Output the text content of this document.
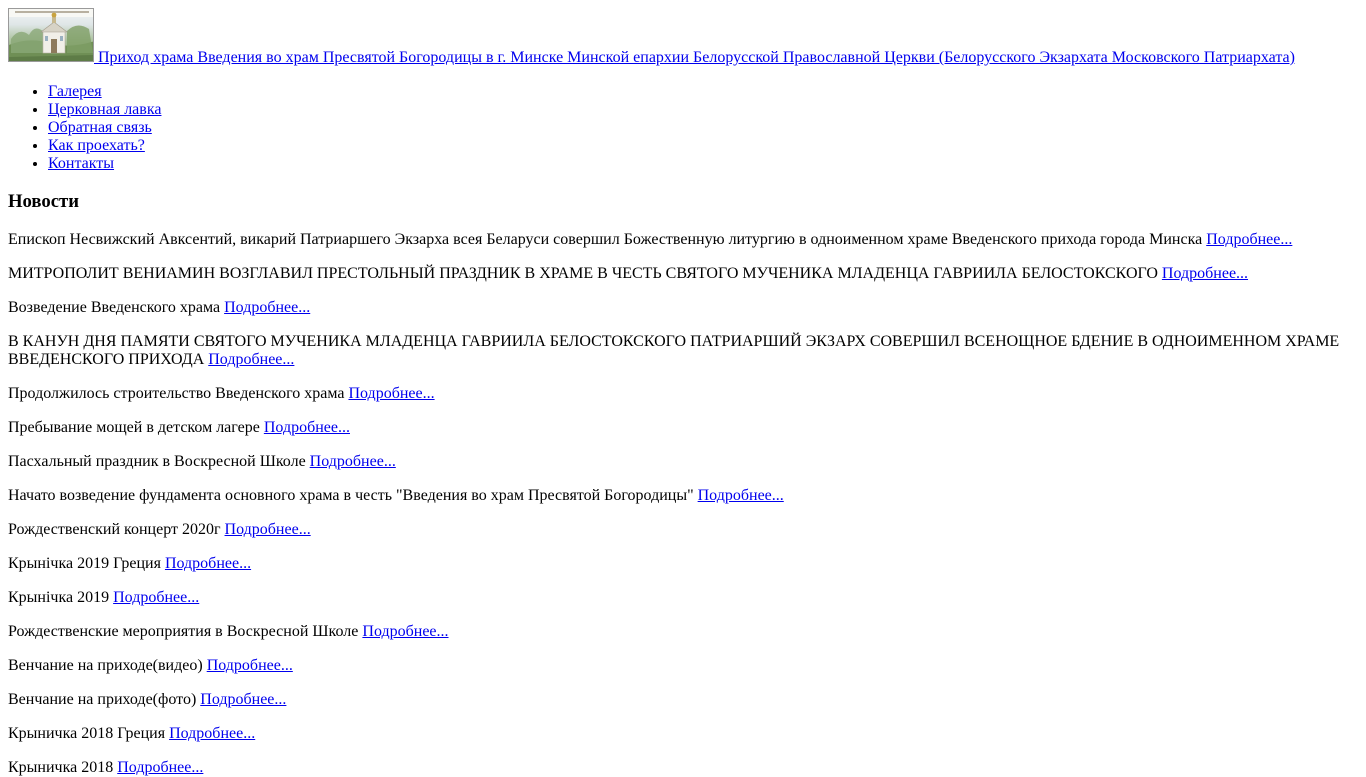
Приход храма Введения во храм Пресвятой Богородицы в г. Минске Минской епархии Белорусской Православной Церкви (Белорусского Экзархата Московского Патриархата)
• Галерея
• Церковная лавка
• Обратная связь
• Как проехать?
• Контакты
Новости

Епископ Несвижский Авксентий, викарий Патриаршего Экзарха всея Беларуси совершил Божественную литургию в одноименном храме Введенского прихода города Минска Подробнее...

МИТРОПОЛИТ ВЕНИАМИН ВОЗГЛАВИЛ ПРЕСТОЛЬНЫЙ ПРАЗДНИК В ХРАМЕ В ЧЕСТЬ СВЯТОГО МУЧЕНИКА МЛАДЕНЦА ГАВРИИЛА БЕЛОСТОКСКОГО Подробнее...

Возведение Введенского храма Подробнее...

В КАНУН ДНЯ ПАМЯТИ СВЯТОГО МУЧЕНИКА МЛАДЕНЦА ГАВРИИЛА БЕЛОСТОКСКОГО ПАТРИАРШИЙ ЭКЗАРХ СОВЕРШИЛ ВСЕНОЩНОЕ БДЕНИЕ В ОДНОИМЕННОМ ХРАМЕ ВВЕДЕНСКОГО ПРИХОДА Подробнее...

Продолжилось строительство Введенского храма Подробнее...

Пребывание мощей в детском лагере Подробнее...

Пасхальный праздник в Воскресной Школе Подробнее...

Начато возведение фундамента основного храма в честь "Введения во храм Пресвятой Богородицы" Подробнее...

Рождественский концерт 2020г Подробнее...

Крынічка 2019 Греция Подробнее...

Крынічка 2019 Подробнее...

Рождественские мероприятия в Воскресной Школе Подробнее...

Венчание на приходе(видео) Подробнее...

Венчание на приходе(фото) Подробнее...

Крыничка 2018 Греция Подробнее...

Крыничка 2018 Подробнее...
